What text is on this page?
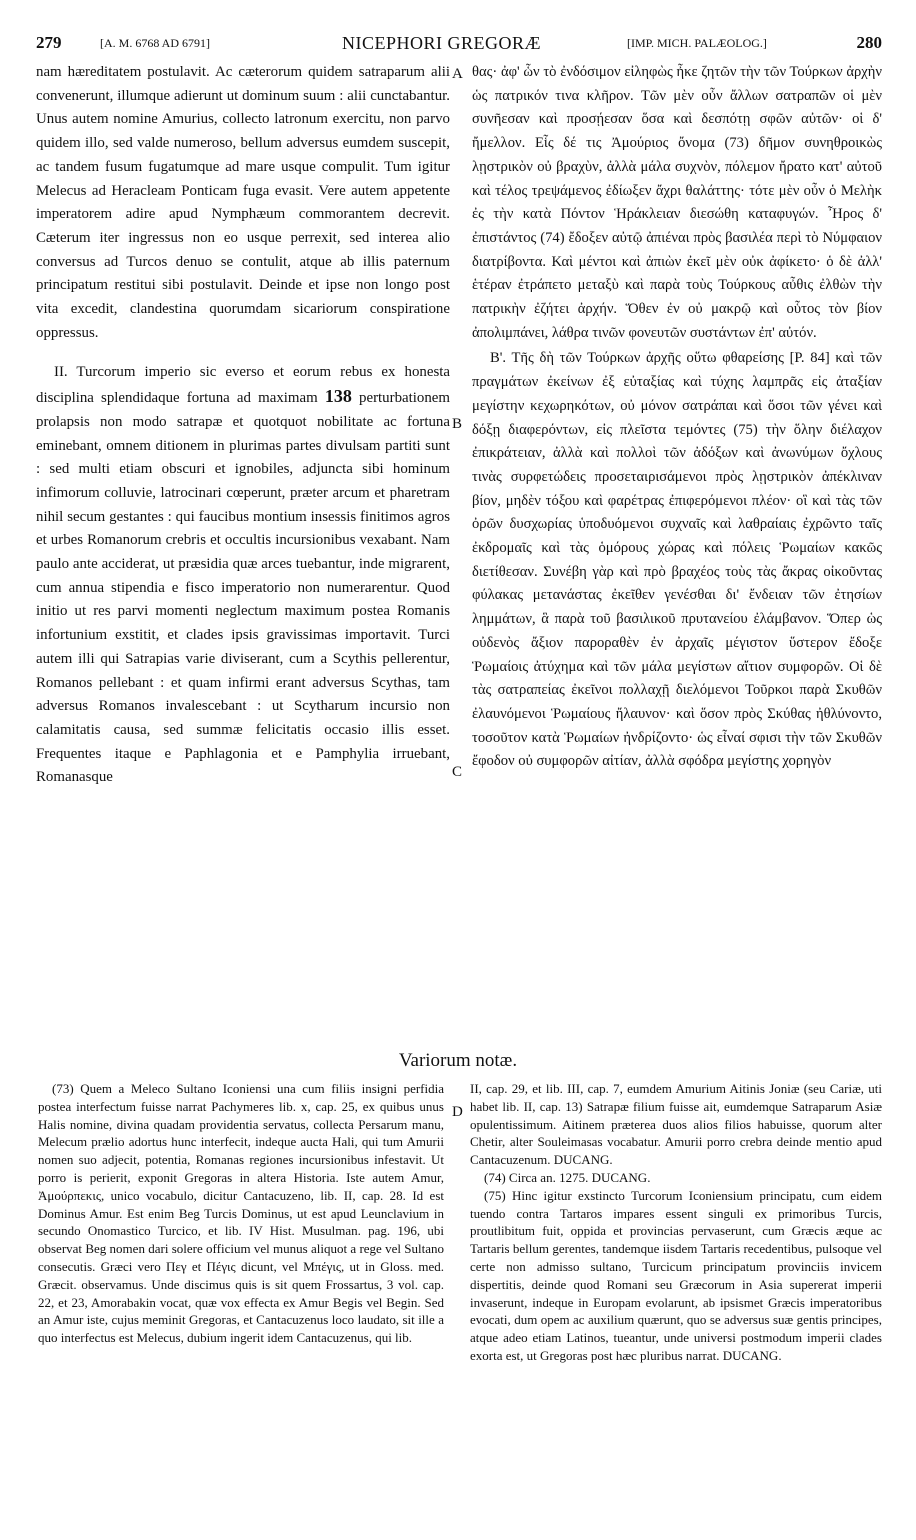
279	[A. M. 6768 AD 6791]	NICEPHORI GREGORÆ	[IMP. MICH. PALÆOLOG.]	280
A
B
C
D

nam hæreditatem postulavit. Ac cæterorum quidem satraparum alii convenerunt, illumque adierunt ut dominum suum : alii cunctabantur. Unus autem nomine Amurius, collecto latronum exercitu, non parvo quidem illo, sed valde numeroso, bellum adversus eumdem suscepit, ac tandem fusum fugatumque ad mare usque compulit. Tum igitur Melecus ad Heracleam Ponticam fuga evasit. Vere autem appetente imperatorem adire apud Nymphæum commorantem decrevit. Cæterum iter ingressus non eo usque perrexit, sed interea alio conversus ad Turcos denuo se contulit, atque ab illis paternum principatum restitui sibi postulavit. Deinde et ipse non longo post vita excedit, clandestina quorumdam sicariorum conspiratione oppressus.

II. Turcorum imperio sic everso et eorum rebus ex honesta disciplina splendidaque fortuna ad maximam 138 perturbationem prolapsis non modo satrapæ et quotquot nobilitate ac fortuna eminebant, omnem ditionem in plurimas partes divulsam partiti sunt : sed multi etiam obscuri et ignobiles, adjuncta sibi hominum infimorum colluvie, latrocinari cœperunt, præter arcum et pharetram nihil secum gestantes : qui faucibus montium insessis finitimos agros et urbes Romanorum crebris et occultis incursionibus vexabant. Nam paulo ante acciderat, ut præsidia quæ arces tuebantur, inde migrarent, cum annua stipendia e fisco imperatorio non numerarentur. Quod initio ut res parvi momenti neglectum maximum postea Romanis infortunium exstitit, et clades ipsis gravissimas importavit. Turci autem illi qui Satrapias varie diviserant, cum a Scythis pellerentur, Romanos pellebant : et quam infirmi erant adversus Scythas, tam adversus Romanos invalescebant : ut Scytharum incursio non calamitatis causa, sed summæ felicitatis occasio illis esset. Frequentes itaque e Paphlagonia et e Pamphylia irruebant, Romanasque

θας· ἀφ' ὧν τὸ ἐνδόσιμον εἰληφὼς ἦκε ζητῶν τὴν τῶν Τούρκων ἀρχὴν ὡς πατρικόν τινα κλῆρον. Τῶν μὲν οὖν ἄλλων σατραπῶν οἱ μὲν συνῆεσαν καὶ προσῄεσαν ὅσα καὶ δεσπότῃ σφῶν αὐτῶν· οἱ δ' ἤμελλον. Εἷς δέ τις Ἀμούριος ὄνομα (73) δῆμον συνηθροικὼς λῃστρικὸν οὐ βραχὺν, ἀλλὰ μάλα συχνὸν, πόλεμον ἤρατο κατ' αὐτοῦ καὶ τέλος τρεψάμενος ἐδίωξεν ἄχρι θαλάττης· τότε μὲν οὖν ὁ Μελὴκ ἐς τὴν κατὰ Πόντον Ἡράκλειαν διεσώθη καταφυγών. Ἦρος δ' ἐπιστάντος (74) ἔδοξεν αὐτῷ ἀπιέναι πρὸς βασιλέα περὶ τὸ Νύμφαιον διατρίβοντα. Καὶ μέντοι καὶ ἀπιὼν ἐκεῖ μὲν οὐκ ἀφίκετο· ὁ δὲ ἀλλ' ἑτέραν ἐτράπετο μεταξὺ καὶ παρὰ τοὺς Τούρκους αὖθις ἐλθὼν τὴν πατρικὴν ἐζήτει ἀρχήν. Ὅθεν ἐν οὐ μακρῷ καὶ οὗτος τὸν βίον ἀπολιμπάνει, λάθρα τινῶν φονευτῶν συστάντων ἐπ' αὐτόν.

Β'. Τῆς δὴ τῶν Τούρκων ἀρχῆς οὕτω φθαρείσης [P. 84] καὶ τῶν πραγμάτων ἐκείνων ἐξ εὐταξίας καὶ τύχης λαμπρᾶς εἰς ἀταξίαν μεγίστην κεχωρηκότων, οὐ μόνον σατράπαι καὶ ὅσοι τῶν γένει καὶ δόξῃ διαφερόντων, εἰς πλεῖστα τεμόντες (75) τὴν ὅλην διέλαχον ἐπικράτειαν, ἀλλὰ καὶ πολλοὶ τῶν ἀδόξων καὶ ἀνωνύμων ὄχλους τινὰς συρφετώδεις προσεταιρισάμενοι πρὸς λῃστρικὸν ἀπέκλιναν βίον, μηδὲν τόξου καὶ φαρέτρας ἐπιφερόμενοι πλέον· οἳ καὶ τὰς τῶν ὀρῶν δυσχωρίας ὑποδυόμενοι συχναῖς καὶ λαθραίαις ἐχρῶντο ταῖς ἐκδρομαῖς καὶ τὰς ὁμόρους χώρας καὶ πόλεις Ῥωμαίων κακῶς διετίθεσαν. Συνέβη γὰρ καὶ πρὸ βραχέος τοὺς τὰς ἄκρας οἰκοῦντας φύλακας μετανάστας ἐκεῖθεν γενέσθαι δι' ἔνδειαν τῶν ἐτησίων λημμάτων, ἃ παρὰ τοῦ βασιλικοῦ πρυτανείου ἐλάμβανον. Ὅπερ ὡς οὐδενὸς ἄξιον παροραθὲν ἐν ἀρχαῖς μέγιστον ὕστερον ἔδοξε Ῥωμαίοις ἀτύχημα καὶ τῶν μάλα μεγίστων αἴτιον συμφορῶν. Οἱ δὲ τὰς σατραπείας ἐκεῖνοι πολλαχῇ διελόμενοι Τοῦρκοι παρὰ Σκυθῶν ἐλαυνόμενοι Ῥωμαίους ἤλαυνον· καὶ ὅσον πρὸς Σκύθας ἠθλύνοντο, τοσοῦτον κατὰ Ῥωμαίων ἠνδρίζοντο· ὡς εἶναί σφισι τὴν τῶν Σκυθῶν ἔφοδον οὐ συμφορῶν αἰτίαν, ἀλλὰ σφόδρα μεγίστης χορηγὸν

Variorum notæ.

(73) Quem a Meleco Sultano Iconiensi una cum filiis insigni perfidia postea interfectum fuisse narrat Pachymeres lib. x, cap. 25, ex quibus unus Halis nomine, divina quadam providentia servatus, collecta Persarum manu, Melecum prælio adortus hunc interfecit, indeque aucta Hali, qui tum Amurii nomen suo adjecit, potentia, Romanas regiones incursionibus infestavit. Ut porro is perierit, exponit Gregoras in altera Historia. Iste autem Amur, Ἀμούρπεκις, unico vocabulo, dicitur Cantacuzeno, lib. II, cap. 28. Id est Dominus Amur. Est enim Beg Turcis Dominus, ut est apud Leunclavium in secundo Onomastico Turcico, et lib. IV Hist. Musulman. pag. 196, ubi observat Beg nomen dari solere officium vel munus aliquot a rege vel Sultano consecutis. Græci vero Πεγ et Πέγις dicunt, vel Μπέγις, ut in Gloss. med. Græcit. observamus. Unde discimus quis is sit quem Frossartus, 3 vol. cap. 22, et 23, Amorabakin vocat, quæ vox effecta ex Amur Begis vel Begin. Sed an Amur iste, cujus meminit Gregoras, et Cantacuzenus loco laudato, sit ille a quo interfectus est Melecus, dubium ingerit idem Cantacuzenus, qui lib.

II, cap. 29, et lib. III, cap. 7, eumdem Amurium Aitinis Joniæ (seu Cariæ, uti habet lib. II, cap. 13) Satrapæ filium fuisse ait, eumdemque Satraparum Asiæ opulentissimum. Aitinem præterea duos alios filios habuisse, quorum alter Chetir, alter Souleimasas vocabatur. Amurii porro crebra deinde mentio apud Cantacuzenum. DUCANG.

(74) Circa an. 1275. DUCANG.

(75) Hinc igitur exstincto Turcorum Iconiensium principatu, cum eidem tuendo contra Tartaros impares essent singuli ex primoribus Turcis, proutlibitum fuit, oppida et provincias pervaserunt, cum Græcis æque ac Tartaris bellum gerentes, tandemque iisdem Tartaris recedentibus, pulsoque vel certe non admisso sultano, Turcicum principatum provinciis invicem dispertitis, deinde quod Romani seu Græcorum in Asia supererat imperii invaserunt, indeque in Europam evolarunt, ab ipsismet Græcis imperatoribus evocati, dum opem ac auxilium quærunt, quo se adversus suæ gentis principes, atque adeo etiam Latinos, tueantur, unde universi postmodum imperii clades exorta est, ut Gregoras post hæc pluribus narrat. DUCANG.
